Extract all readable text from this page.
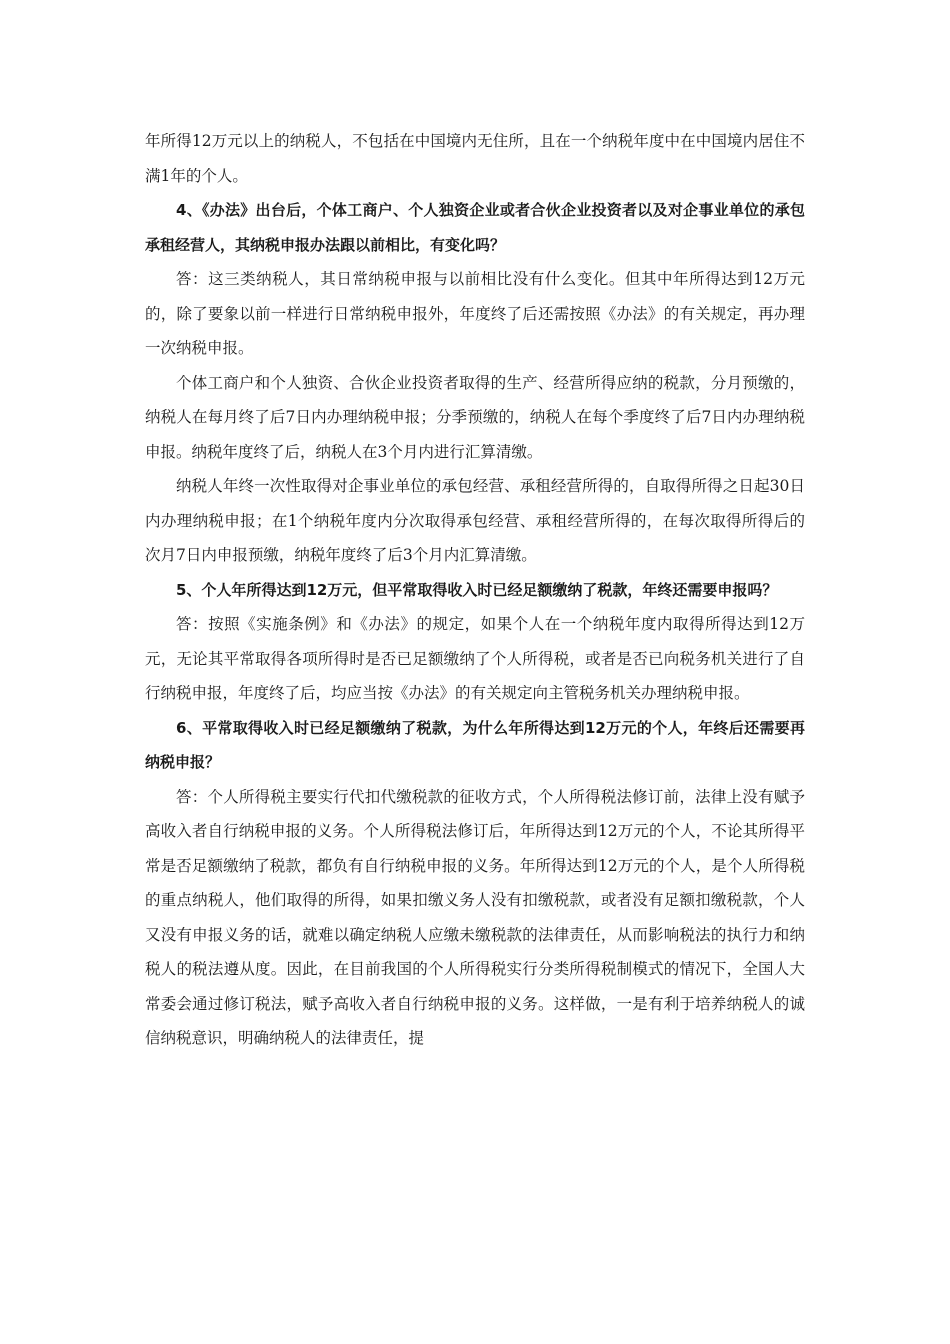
年所得12万元以上的纳税人，不包括在中国境内无住所，且在一个纳税年度中在中国境内居住不满1年的个人。

4、《办法》出台后，个体工商户、个人独资企业或者合伙企业投资者以及对企事业单位的承包承租经营人，其纳税申报办法跟以前相比，有变化吗？

答：这三类纳税人，其日常纳税申报与以前相比没有什么变化。但其中年所得达到12万元的，除了要象以前一样进行日常纳税申报外，年度终了后还需按照《办法》的有关规定，再办理一次纳税申报。

个体工商户和个人独资、合伙企业投资者取得的生产、经营所得应纳的税款，分月预缴的，纳税人在每月终了后7日内办理纳税申报；分季预缴的，纳税人在每个季度终了后7日内办理纳税申报。纳税年度终了后，纳税人在3个月内进行汇算清缴。

纳税人年终一次性取得对企事业单位的承包经营、承租经营所得的，自取得所得之日起30日内办理纳税申报；在1个纳税年度内分次取得承包经营、承租经营所得的，在每次取得所得后的次月7日内申报预缴，纳税年度终了后3个月内汇算清缴。

5、个人年所得达到12万元，但平常取得收入时已经足额缴纳了税款，年终还需要申报吗？

答：按照《实施条例》和《办法》的规定，如果个人在一个纳税年度内取得所得达到12万元，无论其平常取得各项所得时是否已足额缴纳了个人所得税，或者是否已向税务机关进行了自行纳税申报，年度终了后，均应当按《办法》的有关规定向主管税务机关办理纳税申报。

6、平常取得收入时已经足额缴纳了税款，为什么年所得达到12万元的个人，年终后还需要再纳税申报？

答：个人所得税主要实行代扣代缴税款的征收方式，个人所得税法修订前，法律上没有赋予高收入者自行纳税申报的义务。个人所得税法修订后，年所得达到12万元的个人，不论其所得平常是否足额缴纳了税款，都负有自行纳税申报的义务。年所得达到12万元的个人，是个人所得税的重点纳税人，他们取得的所得，如果扣缴义务人没有扣缴税款，或者没有足额扣缴税款，个人又没有申报义务的话，就难以确定纳税人应缴未缴税款的法律责任，从而影响税法的执行力和纳税人的税法遵从度。因此，在目前我国的个人所得税实行分类所得税制模式的情况下，全国人大常委会通过修订税法，赋予高收入者自行纳税申报的义务。这样做，一是有利于培养纳税人的诚信纳税意识，明确纳税人的法律责任，提
